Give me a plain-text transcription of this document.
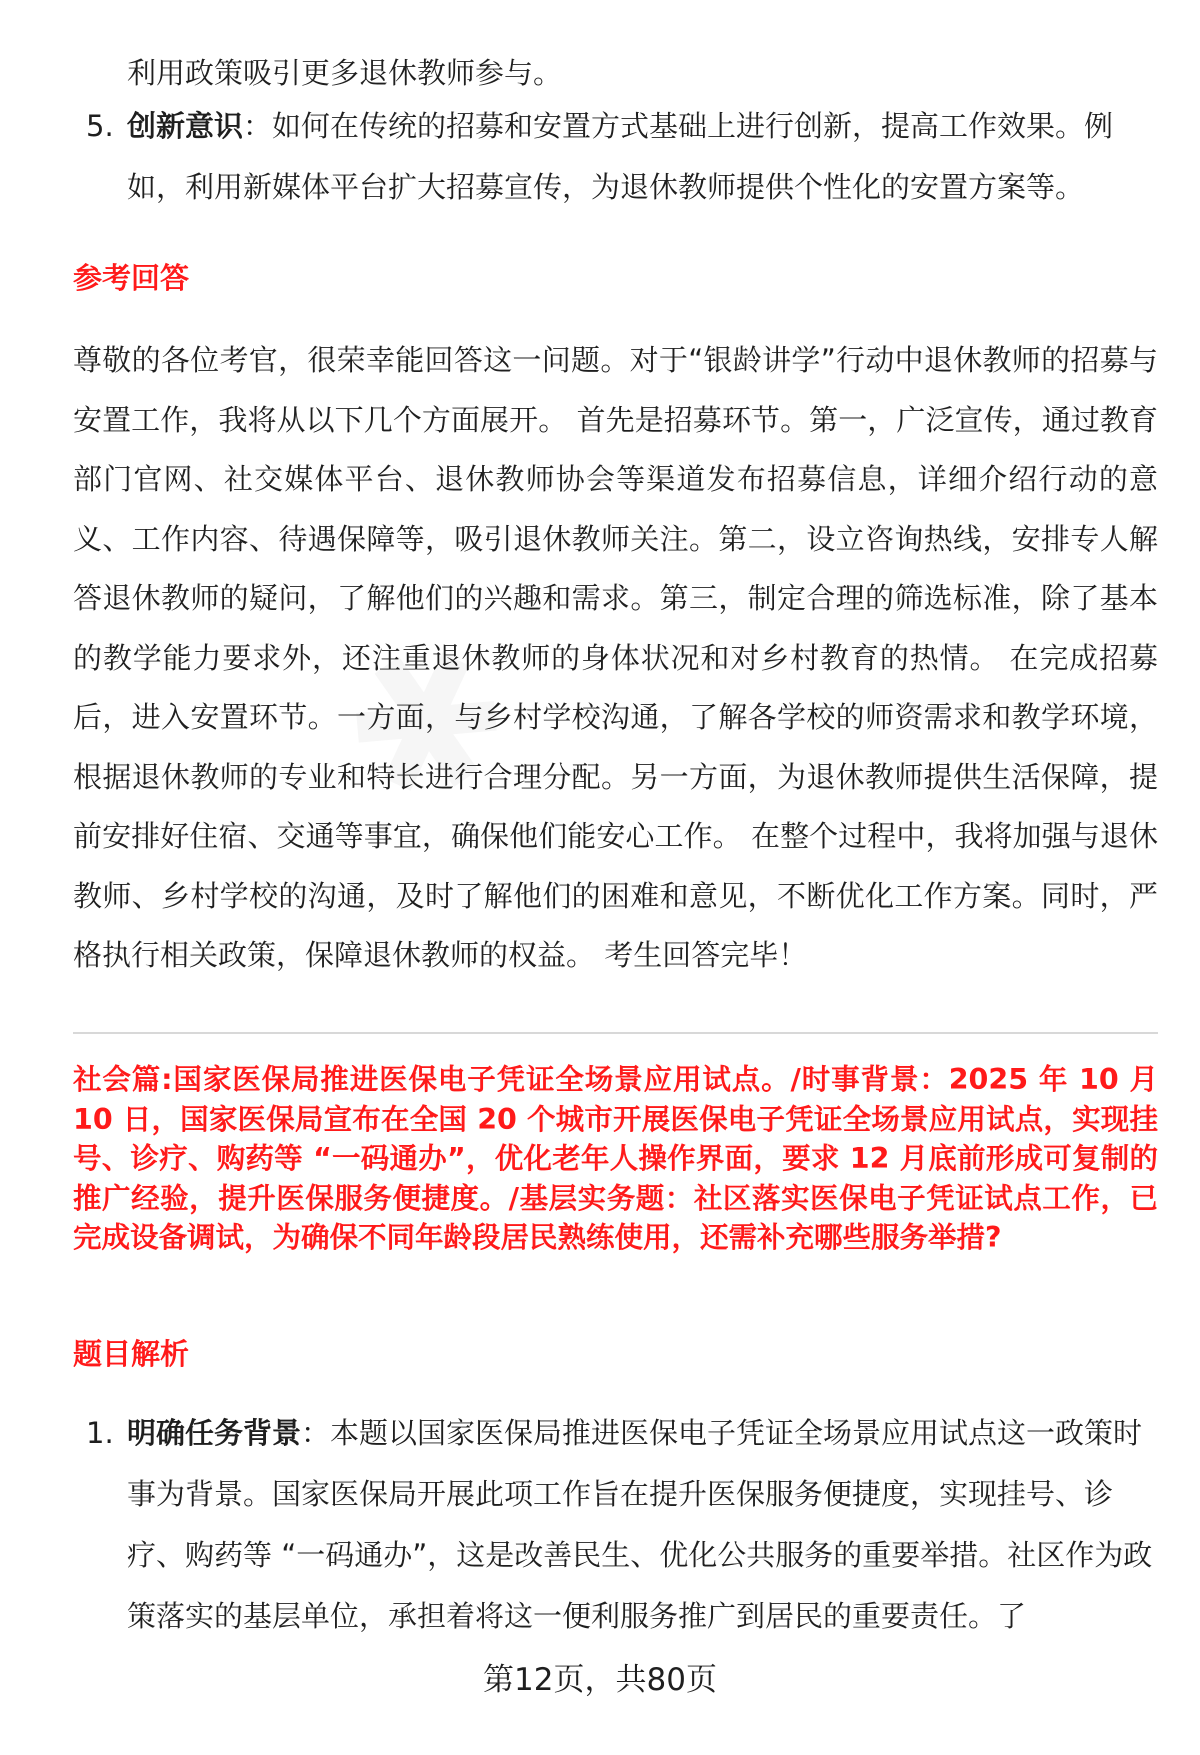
利用政策吸引更多退休教师参与。

5. 创新意识：如何在传统的招募和安置方式基础上进行创新，提高工作效果。例如，利用新媒体平台扩大招募宣传，为退休教师提供个性化的安置方案等。
参考回答

尊敬的各位考官，很荣幸能回答这一问题。对于“银龄讲学”行动中退休教师的招募与安置工作，我将从以下几个方面展开。 首先是招募环节。第一，广泛宣传，通过教育部门官网、社交媒体平台、退休教师协会等渠道发布招募信息，详细介绍行动的意义、工作内容、待遇保障等，吸引退休教师关注。第二，设立咨询热线，安排专人解答退休教师的疑问，了解他们的兴趣和需求。第三，制定合理的筛选标准，除了基本的教学能力要求外，还注重退休教师的身体状况和对乡村教育的热情。 在完成招募后，进入安置环节。一方面，与乡村学校沟通，了解各学校的师资需求和教学环境，根据退休教师的专业和特长进行合理分配。另一方面，为退休教师提供生活保障，提前安排好住宿、交通等事宜，确保他们能安心工作。 在整个过程中，我将加强与退休教师、乡村学校的沟通，及时了解他们的困难和意见，不断优化工作方案。同时，严格执行相关政策，保障退休教师的权益。 考生回答完毕！

社会篇:国家医保局推进医保电子凭证全场景应用试点。/时事背景：2025 年 10 月 10 日，国家医保局宣布在全国 20 个城市开展医保电子凭证全场景应用试点，实现挂号、诊疗、购药等 “一码通办”，优化老年人操作界面，要求 12 月底前形成可复制的推广经验，提升医保服务便捷度。/基层实务题：社区落实医保电子凭证试点工作，已完成设备调试，为确保不同年龄段居民熟练使用，还需补充哪些服务举措?

题目解析
1. 明确任务背景：本题以国家医保局推进医保电子凭证全场景应用试点这一政策时事为背景。国家医保局开展此项工作旨在提升医保服务便捷度，实现挂号、诊疗、购药等 “一码通办”，这是改善民生、优化公共服务的重要举措。社区作为政策落实的基层单位，承担着将这一便利服务推广到居民的重要责任。了
第12页，共80页
